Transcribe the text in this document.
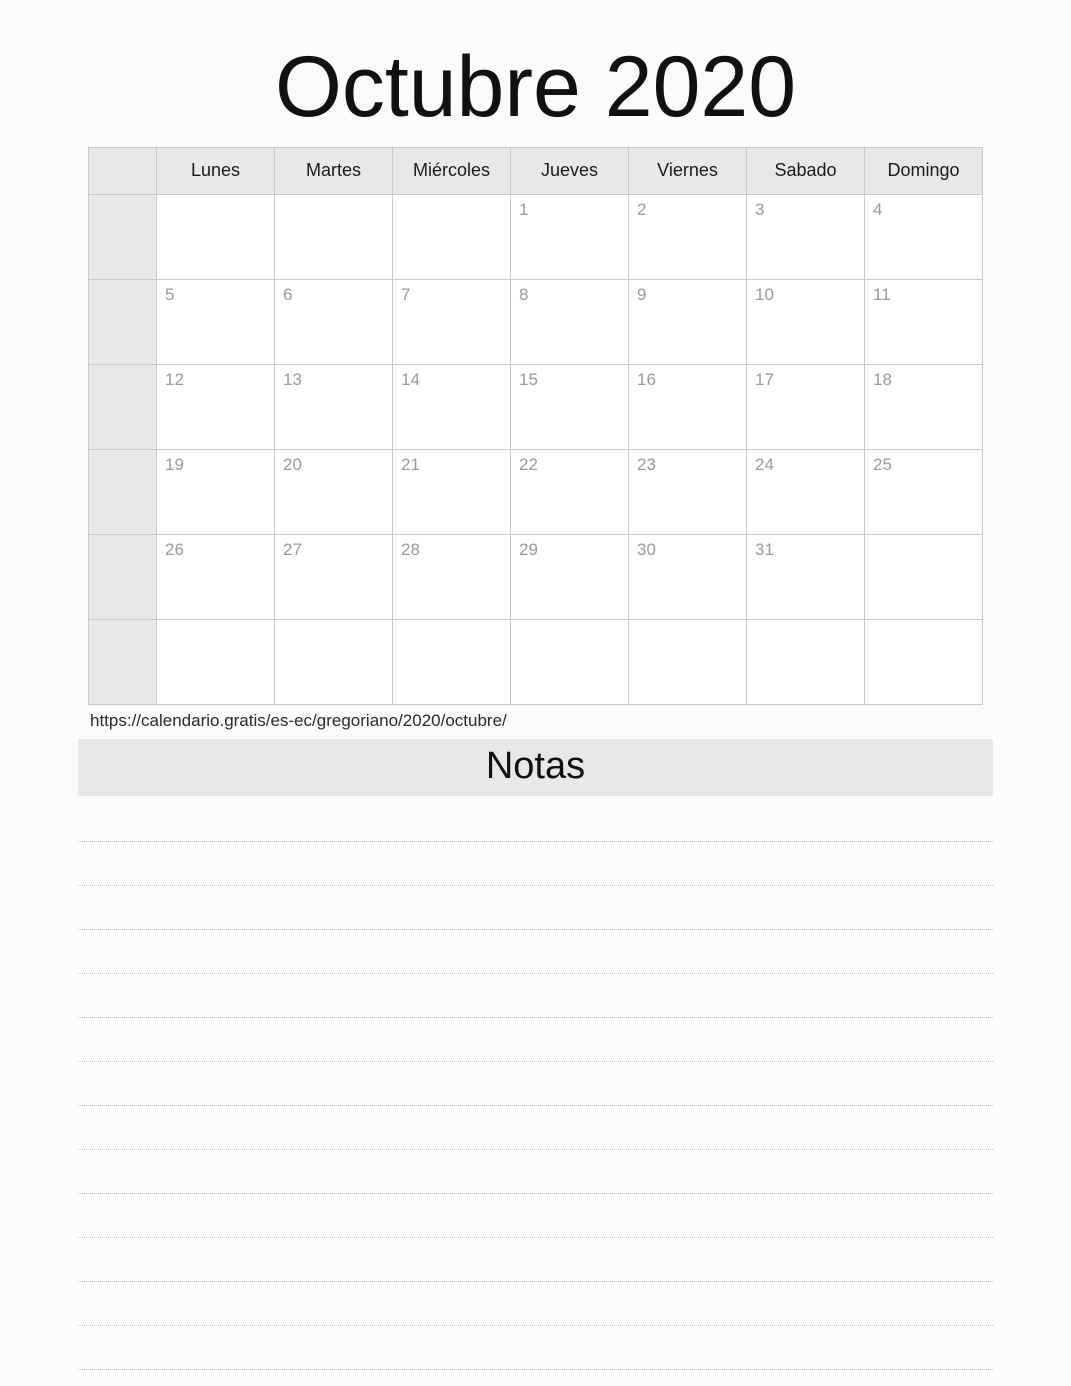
Octubre 2020
	Lunes	Martes	Miércoles	Jueves	Viernes	Sabado	Domingo

				1	2	3	4

	5	6	7	8	9	10	11

	12	13	14	15	16	17	18

	19	20	21	22	23	24	25

	26	27	28	29	30	31	

https://calendario.gratis/es-ec/gregoriano/2020/octubre/
Notas
